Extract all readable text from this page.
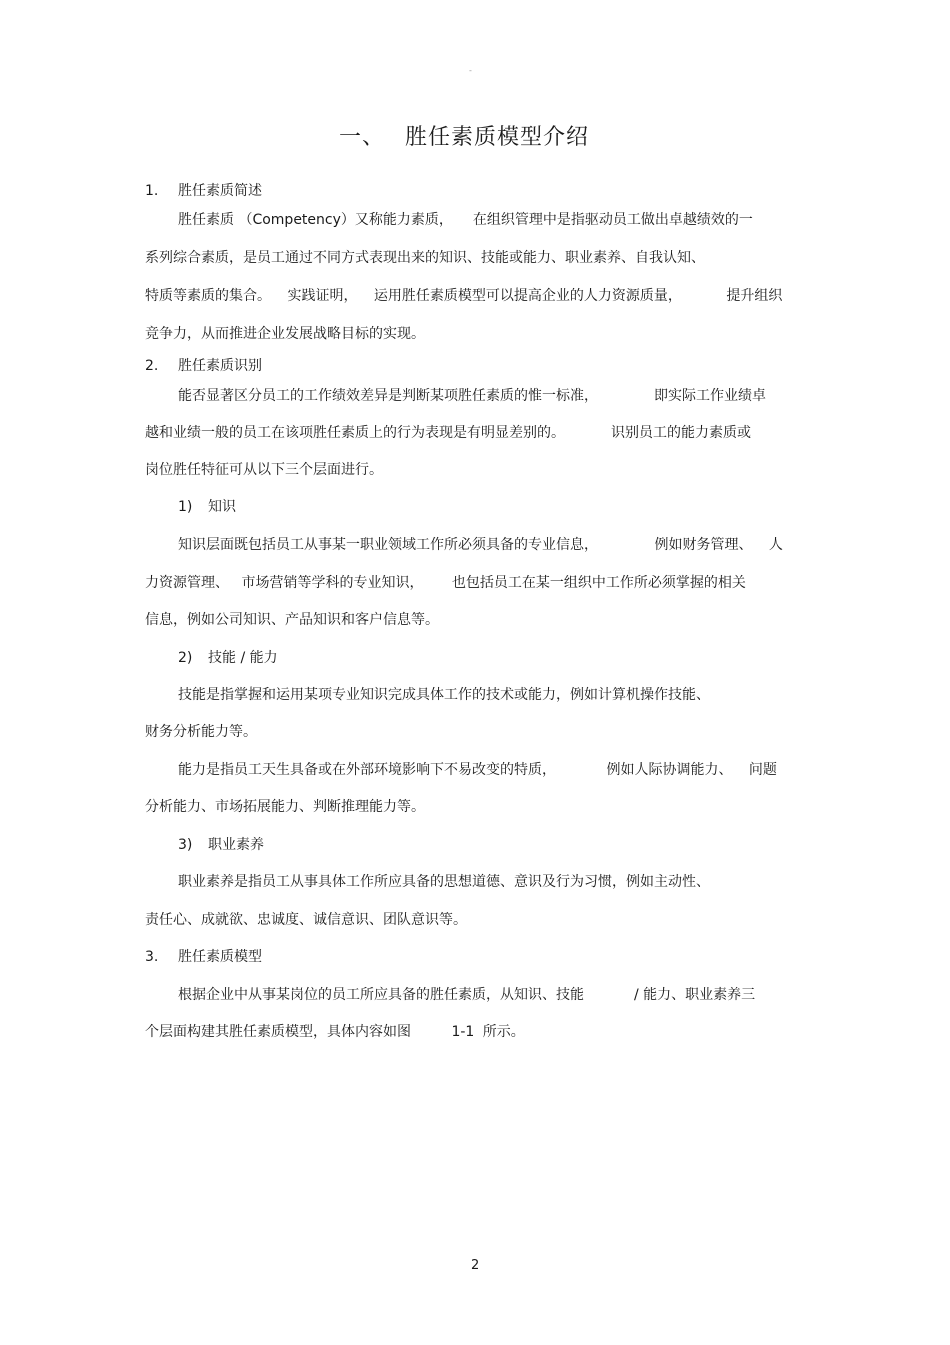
-
一、 胜任素质模型介绍
1. 胜任素质简述
胜任素质 （Competency）又称能力素质， 在组织管理中是指驱动员工做出卓越绩效的一
系列综合素质，是员工通过不同方式表现出来的知识、技能或能力、职业素养、自我认知、
特质等素质的集合。 实践证明， 运用胜任素质模型可以提高企业的人力资源质量，	提升组织
竞争力，从而推进企业发展战略目标的实现。
2. 胜任素质识别
能否显著区分员工的工作绩效差异是判断某项胜任素质的惟一标准，	即实际工作业绩卓
越和业绩一般的员工在该项胜任素质上的行为表现是有明显差别的。	识别员工的能力素质或
岗位胜任特征可从以下三个层面进行。
1) 知识
知识层面既包括员工从事某一职业领域工作所必须具备的专业信息，	例如财务管理、 人
力资源管理、 市场营销等学科的专业知识， 也包括员工在某一组织中工作所必须掌握的相关
信息，例如公司知识、产品知识和客户信息等。
2) 技能 / 能力
技能是指掌握和运用某项专业知识完成具体工作的技术或能力，例如计算机操作技能、
财务分析能力等。
能力是指员工天生具备或在外部环境影响下不易改变的特质，	例如人际协调能力、 问题
分析能力、市场拓展能力、判断推理能力等。
3) 职业素养
职业素养是指员工从事具体工作所应具备的思想道德、意识及行为习惯，例如主动性、
责任心、成就欲、忠诚度、诚信意识、团队意识等。
3. 胜任素质模型
根据企业中从事某岗位的员工所应具备的胜任素质，从知识、技能	/ 能力、职业素养三
个层面构建其胜任素质模型，具体内容如图	1-1 所示。
2
